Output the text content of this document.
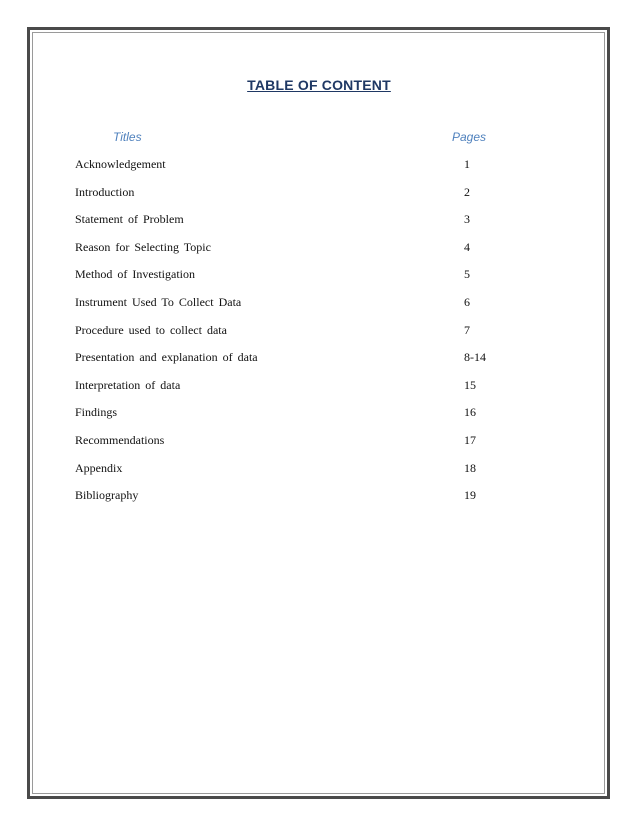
TABLE OF CONTENT
Titles	Pages
Acknowledgement	1
Introduction	2
Statement of Problem	3
Reason for Selecting Topic	4
Method of Investigation	5
Instrument Used To Collect Data	6
Procedure used to collect data	7
Presentation and explanation of data	8-14
Interpretation of data	15
Findings	16
Recommendations	17
Appendix	18
Bibliography	19
